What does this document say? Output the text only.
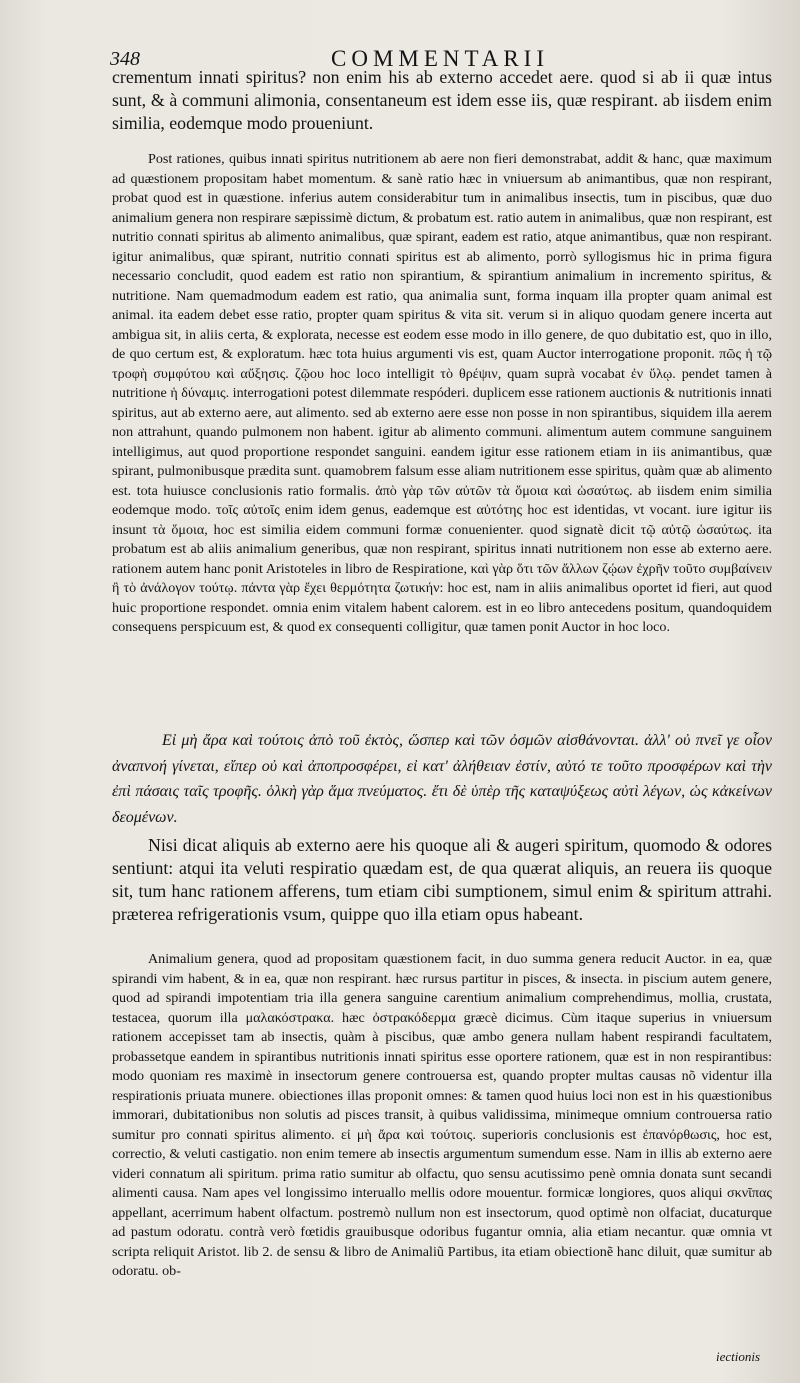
348	COMMENTARII

crementum innati spiritus? non enim his ab externo accedet aere. quod si ab ii quæ intus sunt, & à communi alimonia, consentaneum est idem esse iis, quæ respirant. ab iisdem enim similia, eodemque modo proueniunt.

Post rationes, quibus innati spiritus nutritionem ab aere non fieri demonstrabat, addit & hanc, quæ maximum ad quæstionem propositam habet momentum. & sanè ratio hæc in vniuersum ab animantibus, quæ non respirant, probat quod est in quæstione. inferius autem considerabitur tum in animalibus insectis, tum in piscibus, quæ duo animalium genera non respirare sæpissimè dictum, & probatum est. ratio autem in animalibus, quæ non respirant, est nutritio connati spiritus ab alimento animalibus, quæ spirant, eadem est ratio, atque animantibus, quæ non respirant. igitur animalibus, quæ spirant, nutritio connati spiritus est ab alimento, porrò syllogismus hic in prima figura necessario concludit, quod eadem est ratio non spirantium, & spirantium animalium in incremento spiritus, & nutritione. Nam quemadmodum eadem est ratio, qua animalia sunt, forma inquam illa propter quam animal est animal. ita eadem debet esse ratio, propter quam spiritus & vita sit. verum si in aliquo quodam genere incerta aut ambigua sit, in aliis certa, & explorata, necesse est eodem esse modo in illo genere, de quo dubitatio est, quo in illo, de quo certum est, & exploratum. hæc tota huius argumenti vis est, quam Auctor interrogatione proponit. πῶς ἡ τῷ τροφὴ συμφύτου καὶ αὔξησις. ζῷου hoc loco intelligit τὸ θρέψιν, quam suprà vocabat ἐν ὕλῳ. pendet tamen à nutritione ἡ δύναμις. interrogationi potest dilemmate respóderi. duplicem esse rationem auctionis & nutritionis innati spiritus, aut ab externo aere, aut alimento. sed ab externo aere esse non posse in non spirantibus, siquidem illa aerem non attrahunt, quando pulmonem non habent. igitur ab alimento communi. alimentum autem commune sanguinem intelligimus, aut quod proportione respondet sanguini. eandem igitur esse rationem etiam in iis animantibus, quæ spirant, pulmonibusque prædita sunt. quamobrem falsum esse aliam nutritionem esse spiritus, quàm quæ ab alimento est. tota huiusce conclusionis ratio formalis. ἀπὸ γὰρ τῶν αὐτῶν τὰ ὅμοια καὶ ὡσαύτως. ab iisdem enim similia eodemque modo. τοῖς αὐτοῖς enim idem genus, eademque est αὐτότης hoc est identidas, vt vocant. iure igitur iis insunt τὰ ὅμοια, hoc est similia eidem communi formæ conuenienter. quod signatè dicit τῷ αὐτῷ ὡσαύτως. ita probatum est ab aliis animalium generibus, quæ non respirant, spiritus innati nutritionem non esse ab externo aere. rationem autem hanc ponit Aristoteles in libro de Respiratione, καὶ γὰρ ὅτι τῶν ἄλλων ζῴων ἐχρῆν τοῦτο συμβαίνειν ἢ τὸ ἀνάλογον τούτῳ. πάντα γὰρ ἔχει θερμότητα ζωτικήν: hoc est, nam in aliis animalibus oportet id fieri, aut quod huic proportione respondet. omnia enim vitalem habent calorem. est in eo libro antecedens positum, quandoquidem consequens perspicuum est, & quod ex consequenti colligitur, quæ tamen ponit Auctor in hoc loco.

Εἰ μὴ ἄρα καὶ τούτοις ἀπὸ τοῦ ἐκτὸς, ὥσπερ καὶ τῶν ὀσμῶν αἰσθάνονται. ἀλλ' οὐ πνεῖ γε οἷον ἀναπνοή γίνεται, εἴπερ οὐ καὶ ἀποπροσφέρει, εἰ κατ' ἀλήθειαν ἐστίν, αὐτό τε τοῦτο προσφέρων καὶ τὴν ἐπὶ πάσαις ταῖς τροφῆς. ὁλκὴ γὰρ ἅμα πνεύματος. ἔτι δὲ ὑπὲρ τῆς καταψύξεως αὐτὶ λέγων, ὡς κἀκείνων δεομένων.

Nisi dicat aliquis ab externo aere his quoque ali & augeri spiritum, quomodo & odores sentiunt: atqui ita veluti respiratio quædam est, de qua quærat aliquis, an reuera iis quoque sit, tum hanc rationem afferens, tum etiam cibi sumptionem, simul enim & spiritum attrahi. præterea refrigerationis vsum, quippe quo illa etiam opus habeant.

Animalium genera, quod ad propositam quæstionem facit, in duo summa genera reducit Auctor. in ea, quæ spirandi vim habent, & in ea, quæ non respirant. hæc rursus partitur in pisces, & insecta. in piscium autem genere, quod ad spirandi impotentiam tria illa genera sanguine carentium animalium comprehendimus, mollia, crustata, testacea, quorum illa μαλακόστρακα. hæc ὀστρακόδερμα græcè dicimus. Cùm itaque superius in vniuersum rationem accepisset tam ab insectis, quàm à piscibus, quæ ambo genera nullam habent respirandi facultatem, probassetque eandem in spirantibus nutritionis innati spiritus esse oportere rationem, quæ est in non respirantibus: modo quoniam res maximè in insectorum genere controuersa est, quando propter multas causas nõ videntur illa respirationis priuata munere. obiectiones illas proponit omnes: & tamen quod huius loci non est in his quæstionibus immorari, dubitationibus non solutis ad pisces transit, à quibus validissima, minimeque omnium controuersa ratio sumitur pro connati spiritus alimento. εἰ μὴ ἄρα καὶ τούτοις. superioris conclusionis est ἐπανόρθωσις, hoc est, correctio, & veluti castigatio. non enim temere ab insectis argumentum sumendum esse. Nam in illis ab externo aere videri connatum ali spiritum. prima ratio sumitur ab olfactu, quo sensu acutissimo penè omnia donata sunt secandi alimenti causa. Nam apes vel longissimo interuallo mellis odore mouentur. formicæ longiores, quos aliqui σκνῖπας appellant, acerrimum habent olfactum. postremò nullum non est insectorum, quod optimè non olfaciat, ducaturque ad pastum odoratu. contrà verò fœtidis grauibusque odoribus fugantur omnia, alia etiam necantur. quæ omnia vt scripta reliquit Aristot. lib 2. de sensu & libro de Animaliũ Partibus, ita etiam obiectionẽ hanc diluit, quæ sumitur ab odoratu. ob-

iectionis
